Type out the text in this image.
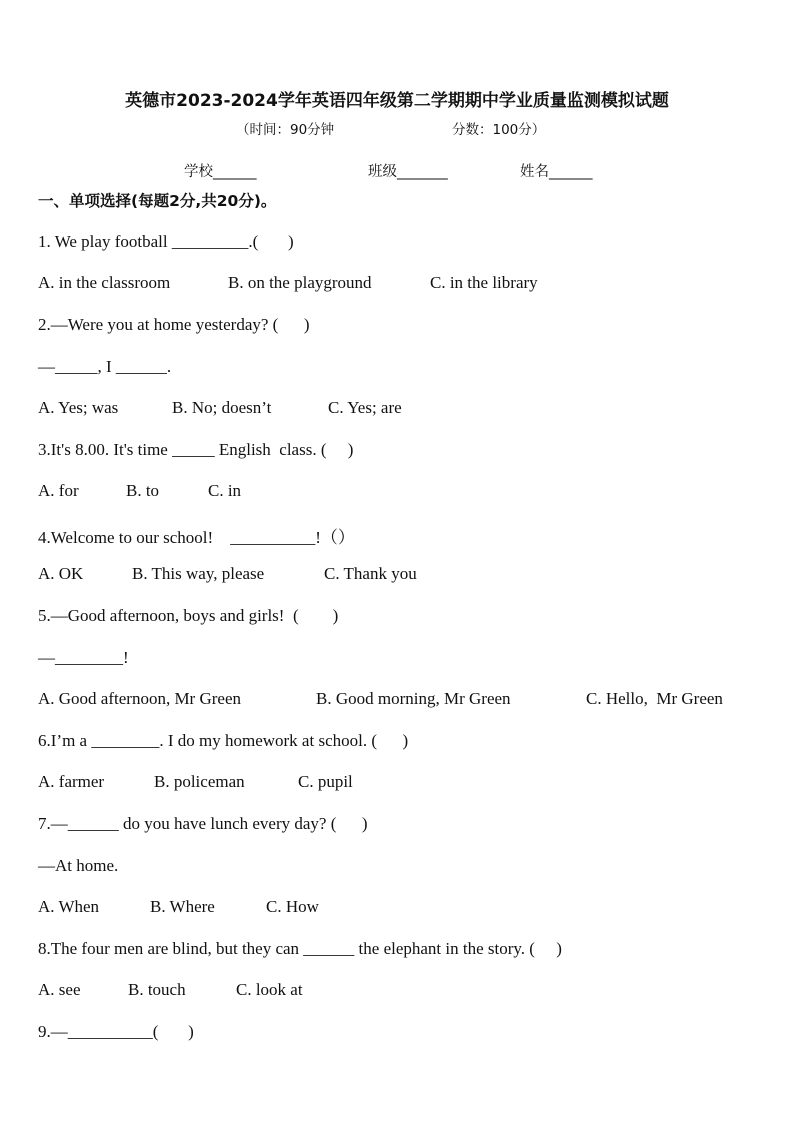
英德市2023-2024学年英语四年级第二学期期中学业质量监测模拟试题
（时间：90分钟	分数：100分）
学校______	班级_______	姓名______
一、单项选择(每题2分,共20分)。
1. We play football _________.(       )
A. in the classroom	B. on the playground	C. in the library
2.—Were you at home yesterday? (      )
—_____, I ______.
A. Yes; was	B. No; doesn’t	C. Yes; are
3.It's 8.00. It's time _____ English  class. (     )
A. for	B. to	C. in
4.Welcome to our school!    __________!（）
A. OK	B. This way, please	C. Thank you
5.—Good afternoon, boys and girls!  (        )
—________!
A. Good afternoon, Mr Green	B. Good morning, Mr Green	C. Hello,  Mr Green
6.I’m a ________. I do my homework at school. (      )
A. farmer	B. policeman	C. pupil
7.—______ do you have lunch every day? (      )
—At home.
A. When	B. Where	C. How
8.The four men are blind, but they can ______ the elephant in the story. (     )
A. see	B. touch	C. look at
9.—__________(       )
